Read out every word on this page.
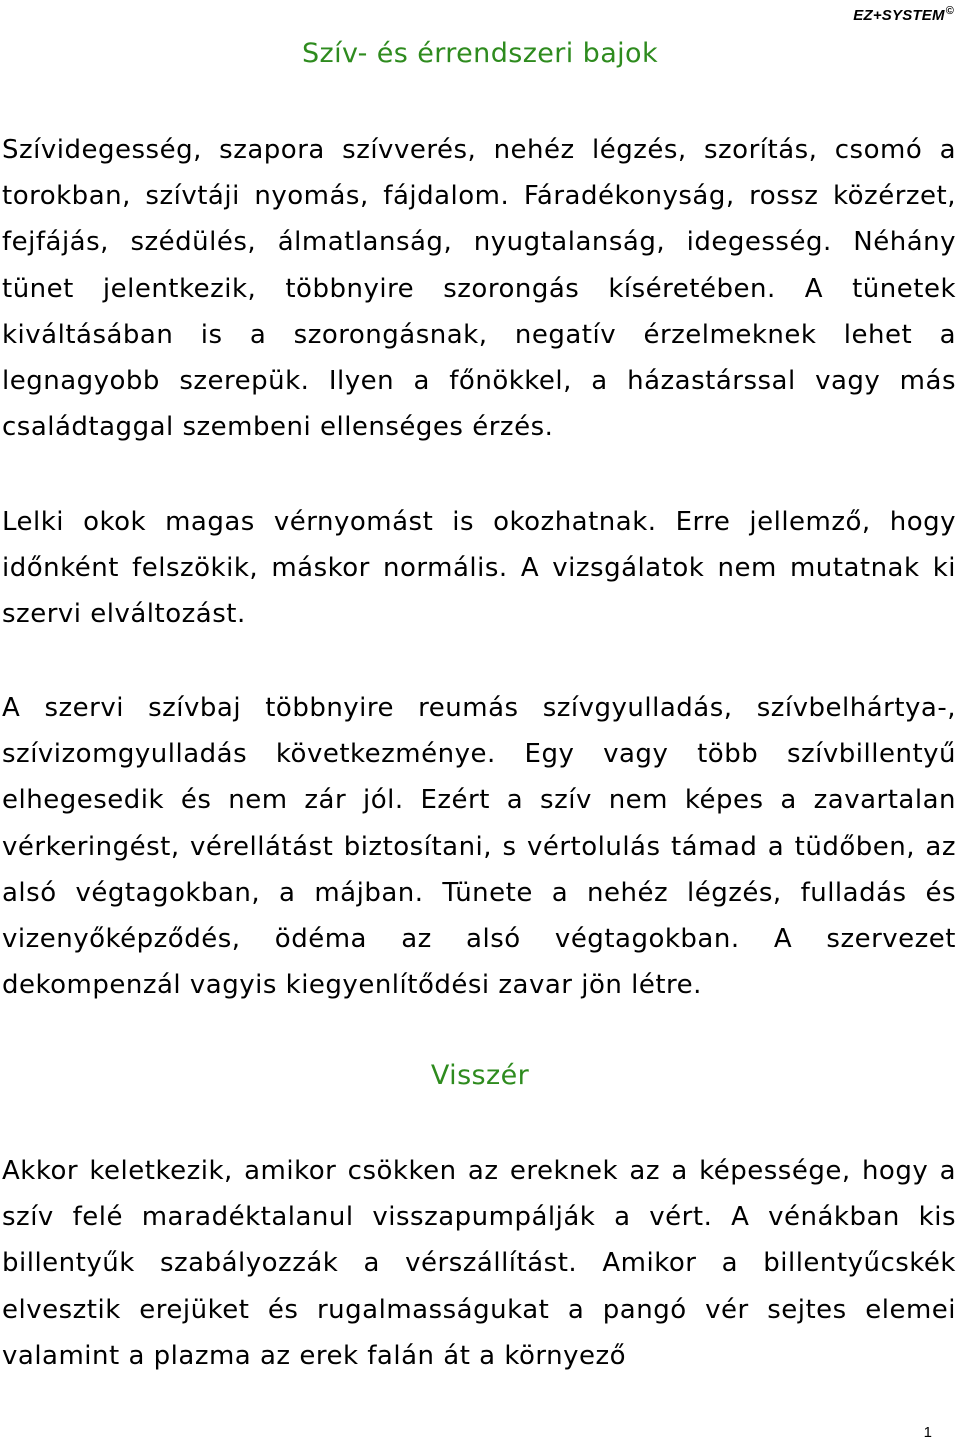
EZ+SYSTEM©
Szív- és érrendszeri bajok

Szívidegesség, szapora szívverés, nehéz légzés, szorítás, csomó a torokban, szívtáji nyomás, fájdalom. Fáradékonyság, rossz közérzet, fejfájás, szédülés, álmatlanság, nyugtalanság, idegesség. Néhány tünet jelentkezik, többnyire szorongás kíséretében. A tünetek kiváltásában is a szorongásnak, negatív érzelmeknek lehet a legnagyobb szerepük. Ilyen a főnökkel, a házastárssal vagy más családtaggal szembeni ellenséges érzés.

Lelki okok magas vérnyomást is okozhatnak. Erre jellemző, hogy időnként felszökik, máskor normális. A vizsgálatok nem mutatnak ki szervi elváltozást.

A szervi szívbaj többnyire reumás szívgyulladás, szívbelhártya-, szívizomgyulladás következménye. Egy vagy több szívbillentyű elhegesedik és nem zár jól. Ezért a szív nem képes a zavartalan vérkeringést, vérellátást biztosítani, s vértolulás támad a tüdőben, az alsó végtagokban, a májban. Tünete a nehéz légzés, fulladás és vizenyőképződés, ödéma az alsó végtagokban. A szervezet dekompenzál vagyis kiegyenlítődési zavar jön létre.

Visszér

Akkor keletkezik, amikor csökken az ereknek az a képessége, hogy a szív felé maradéktalanul visszapumpálják a vért. A vénákban kis billentyűk szabályozzák a vérszállítást. Amikor a billentyűcskék elvesztik erejüket és rugalmasságukat a pangó vér sejtes elemei valamint a plazma az erek falán át a környező

1
